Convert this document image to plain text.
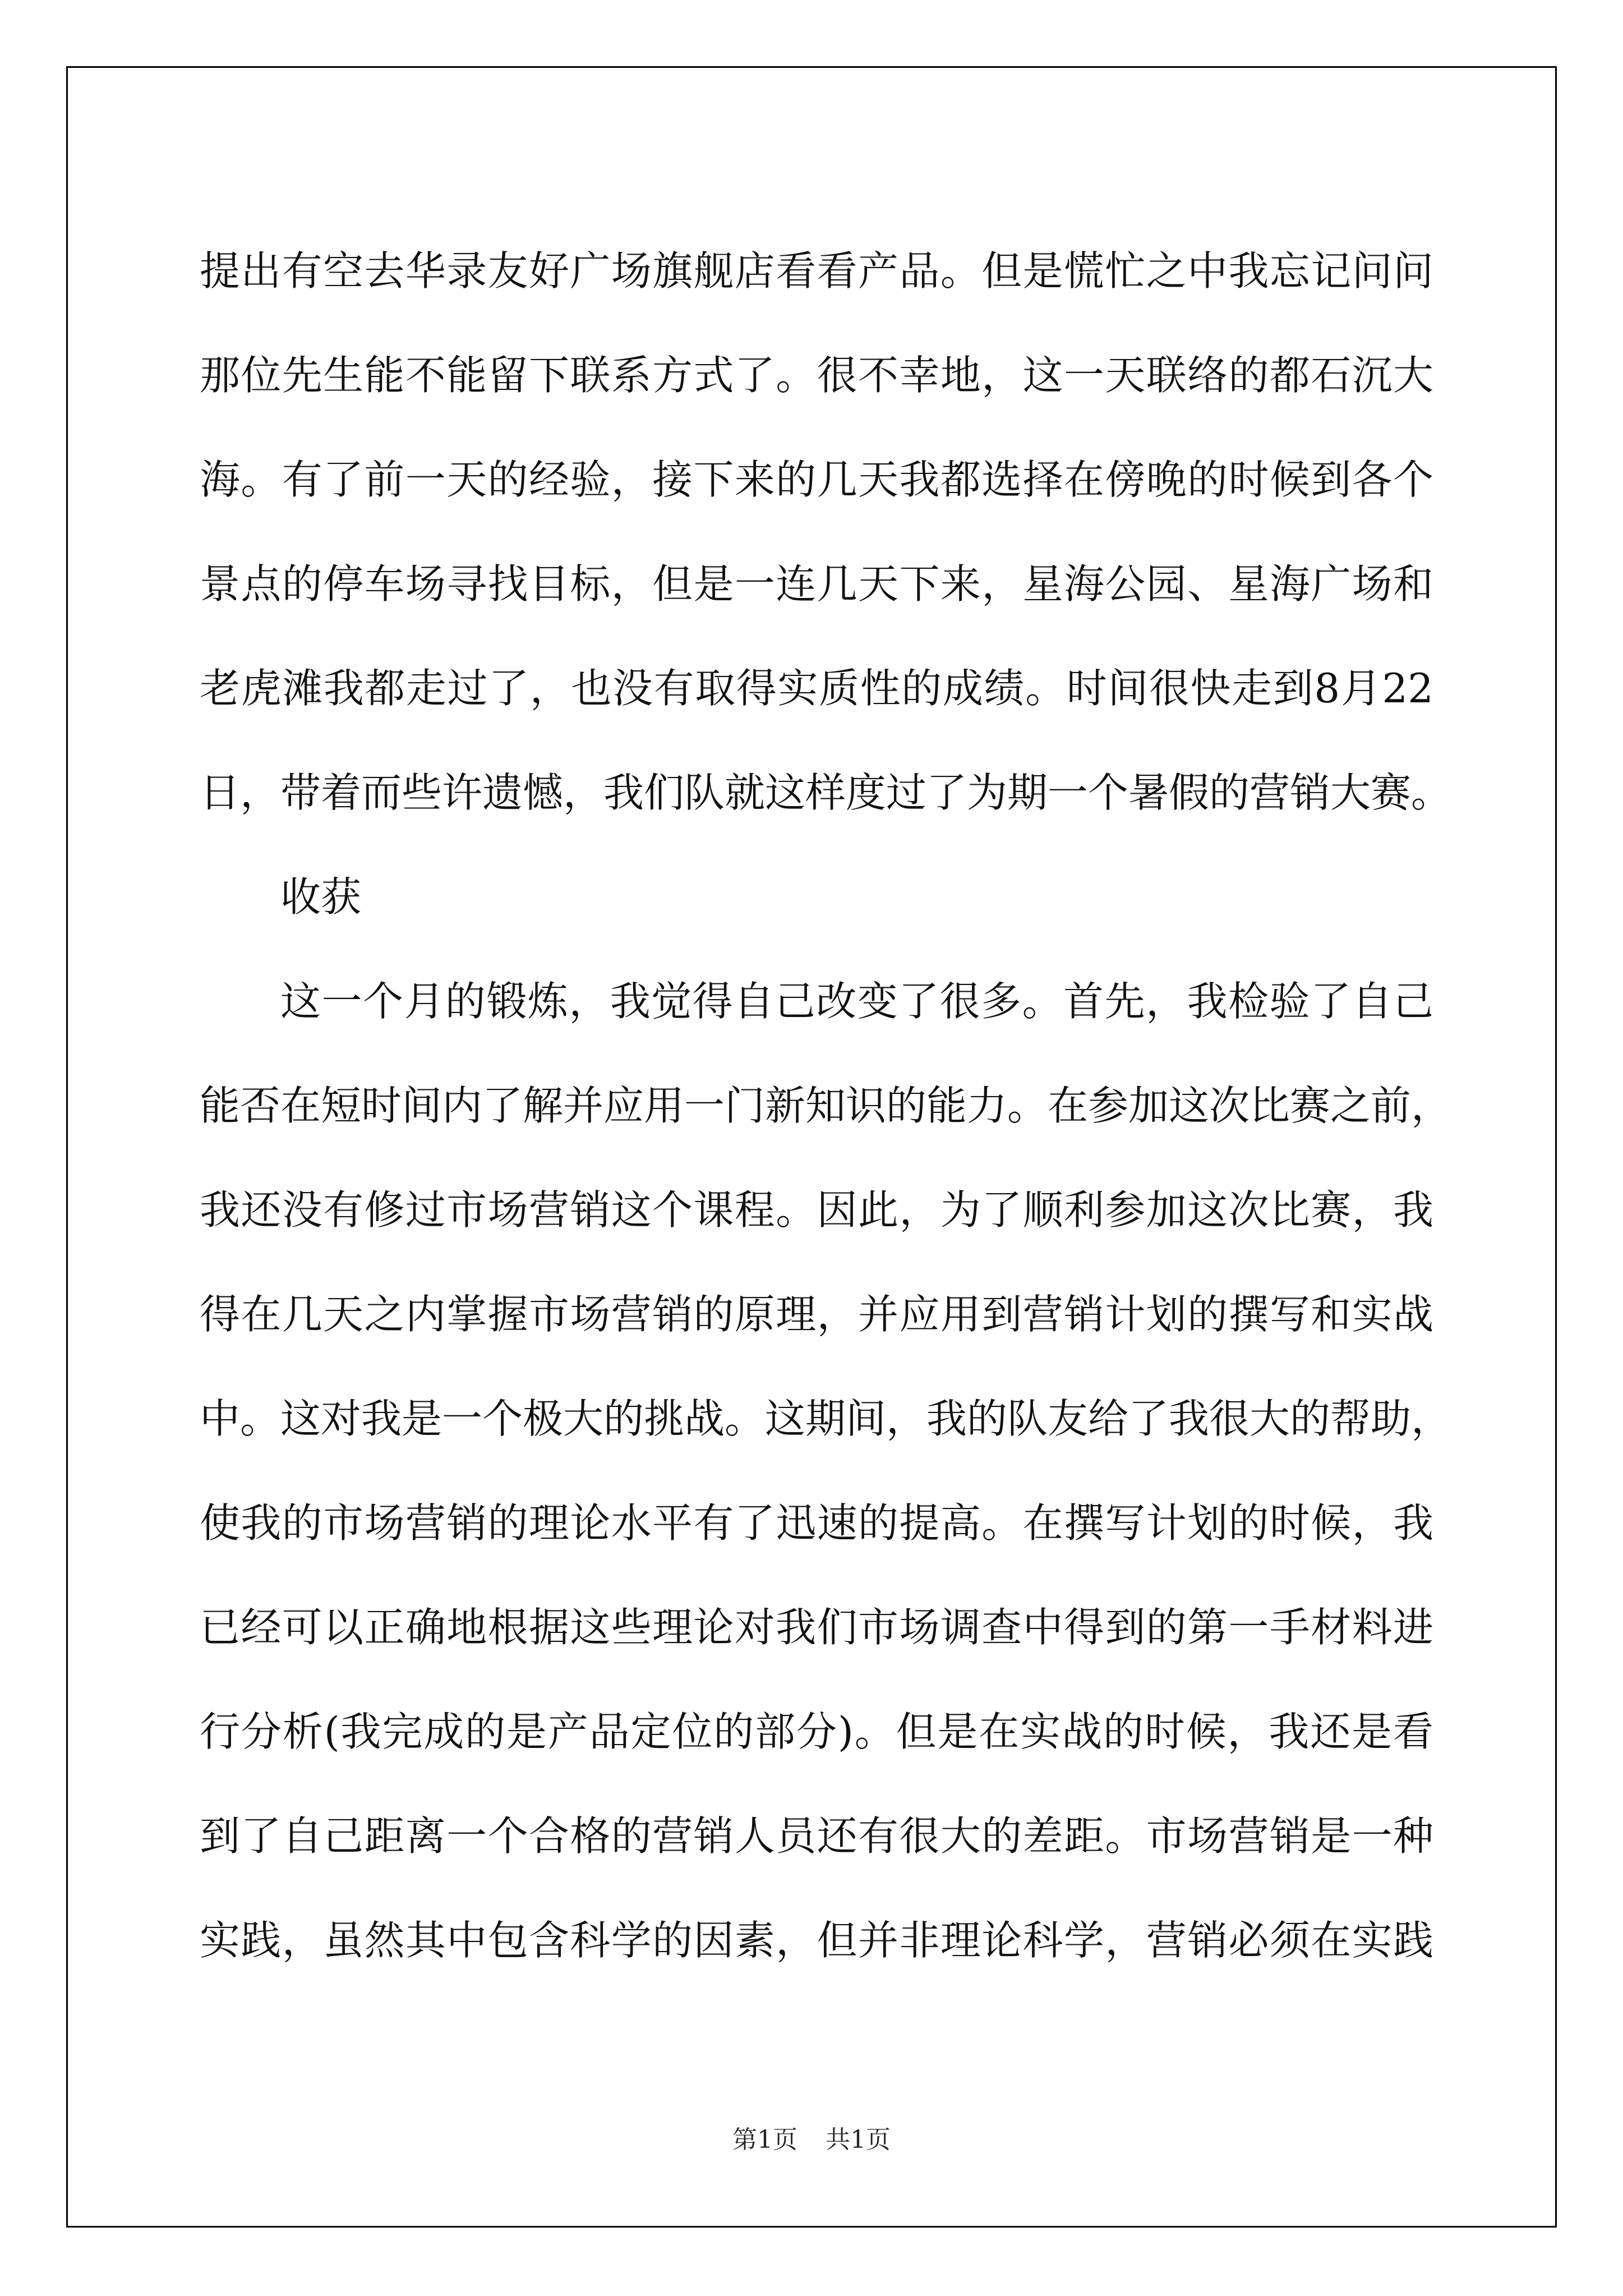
提出有空去华录友好广场旗舰店看看产品。但是慌忙之中我忘记问问
那位先生能不能留下联系方式了。很不幸地，这一天联络的都石沉大
海。有了前一天的经验，接下来的几天我都选择在傍晚的时候到各个
景点的停车场寻找目标，但是一连几天下来，星海公园、星海广场和
老虎滩我都走过了，也没有取得实质性的成绩。时间很快走到8月22
日，带着而些许遗憾，我们队就这样度过了为期一个暑假的营销大赛。
收获
这一个月的锻炼，我觉得自己改变了很多。首先，我检验了自己
能否在短时间内了解并应用一门新知识的能力。在参加这次比赛之前，
我还没有修过市场营销这个课程。因此，为了顺利参加这次比赛，我
得在几天之内掌握市场营销的原理，并应用到营销计划的撰写和实战
中。这对我是一个极大的挑战。这期间，我的队友给了我很大的帮助，
使我的市场营销的理论水平有了迅速的提高。在撰写计划的时候，我
已经可以正确地根据这些理论对我们市场调查中得到的第一手材料进
行分析(我完成的是产品定位的部分)。但是在实战的时候，我还是看
到了自己距离一个合格的营销人员还有很大的差距。市场营销是一种
实践，虽然其中包含科学的因素，但并非理论科学，营销必须在实践
第1页 共1页
